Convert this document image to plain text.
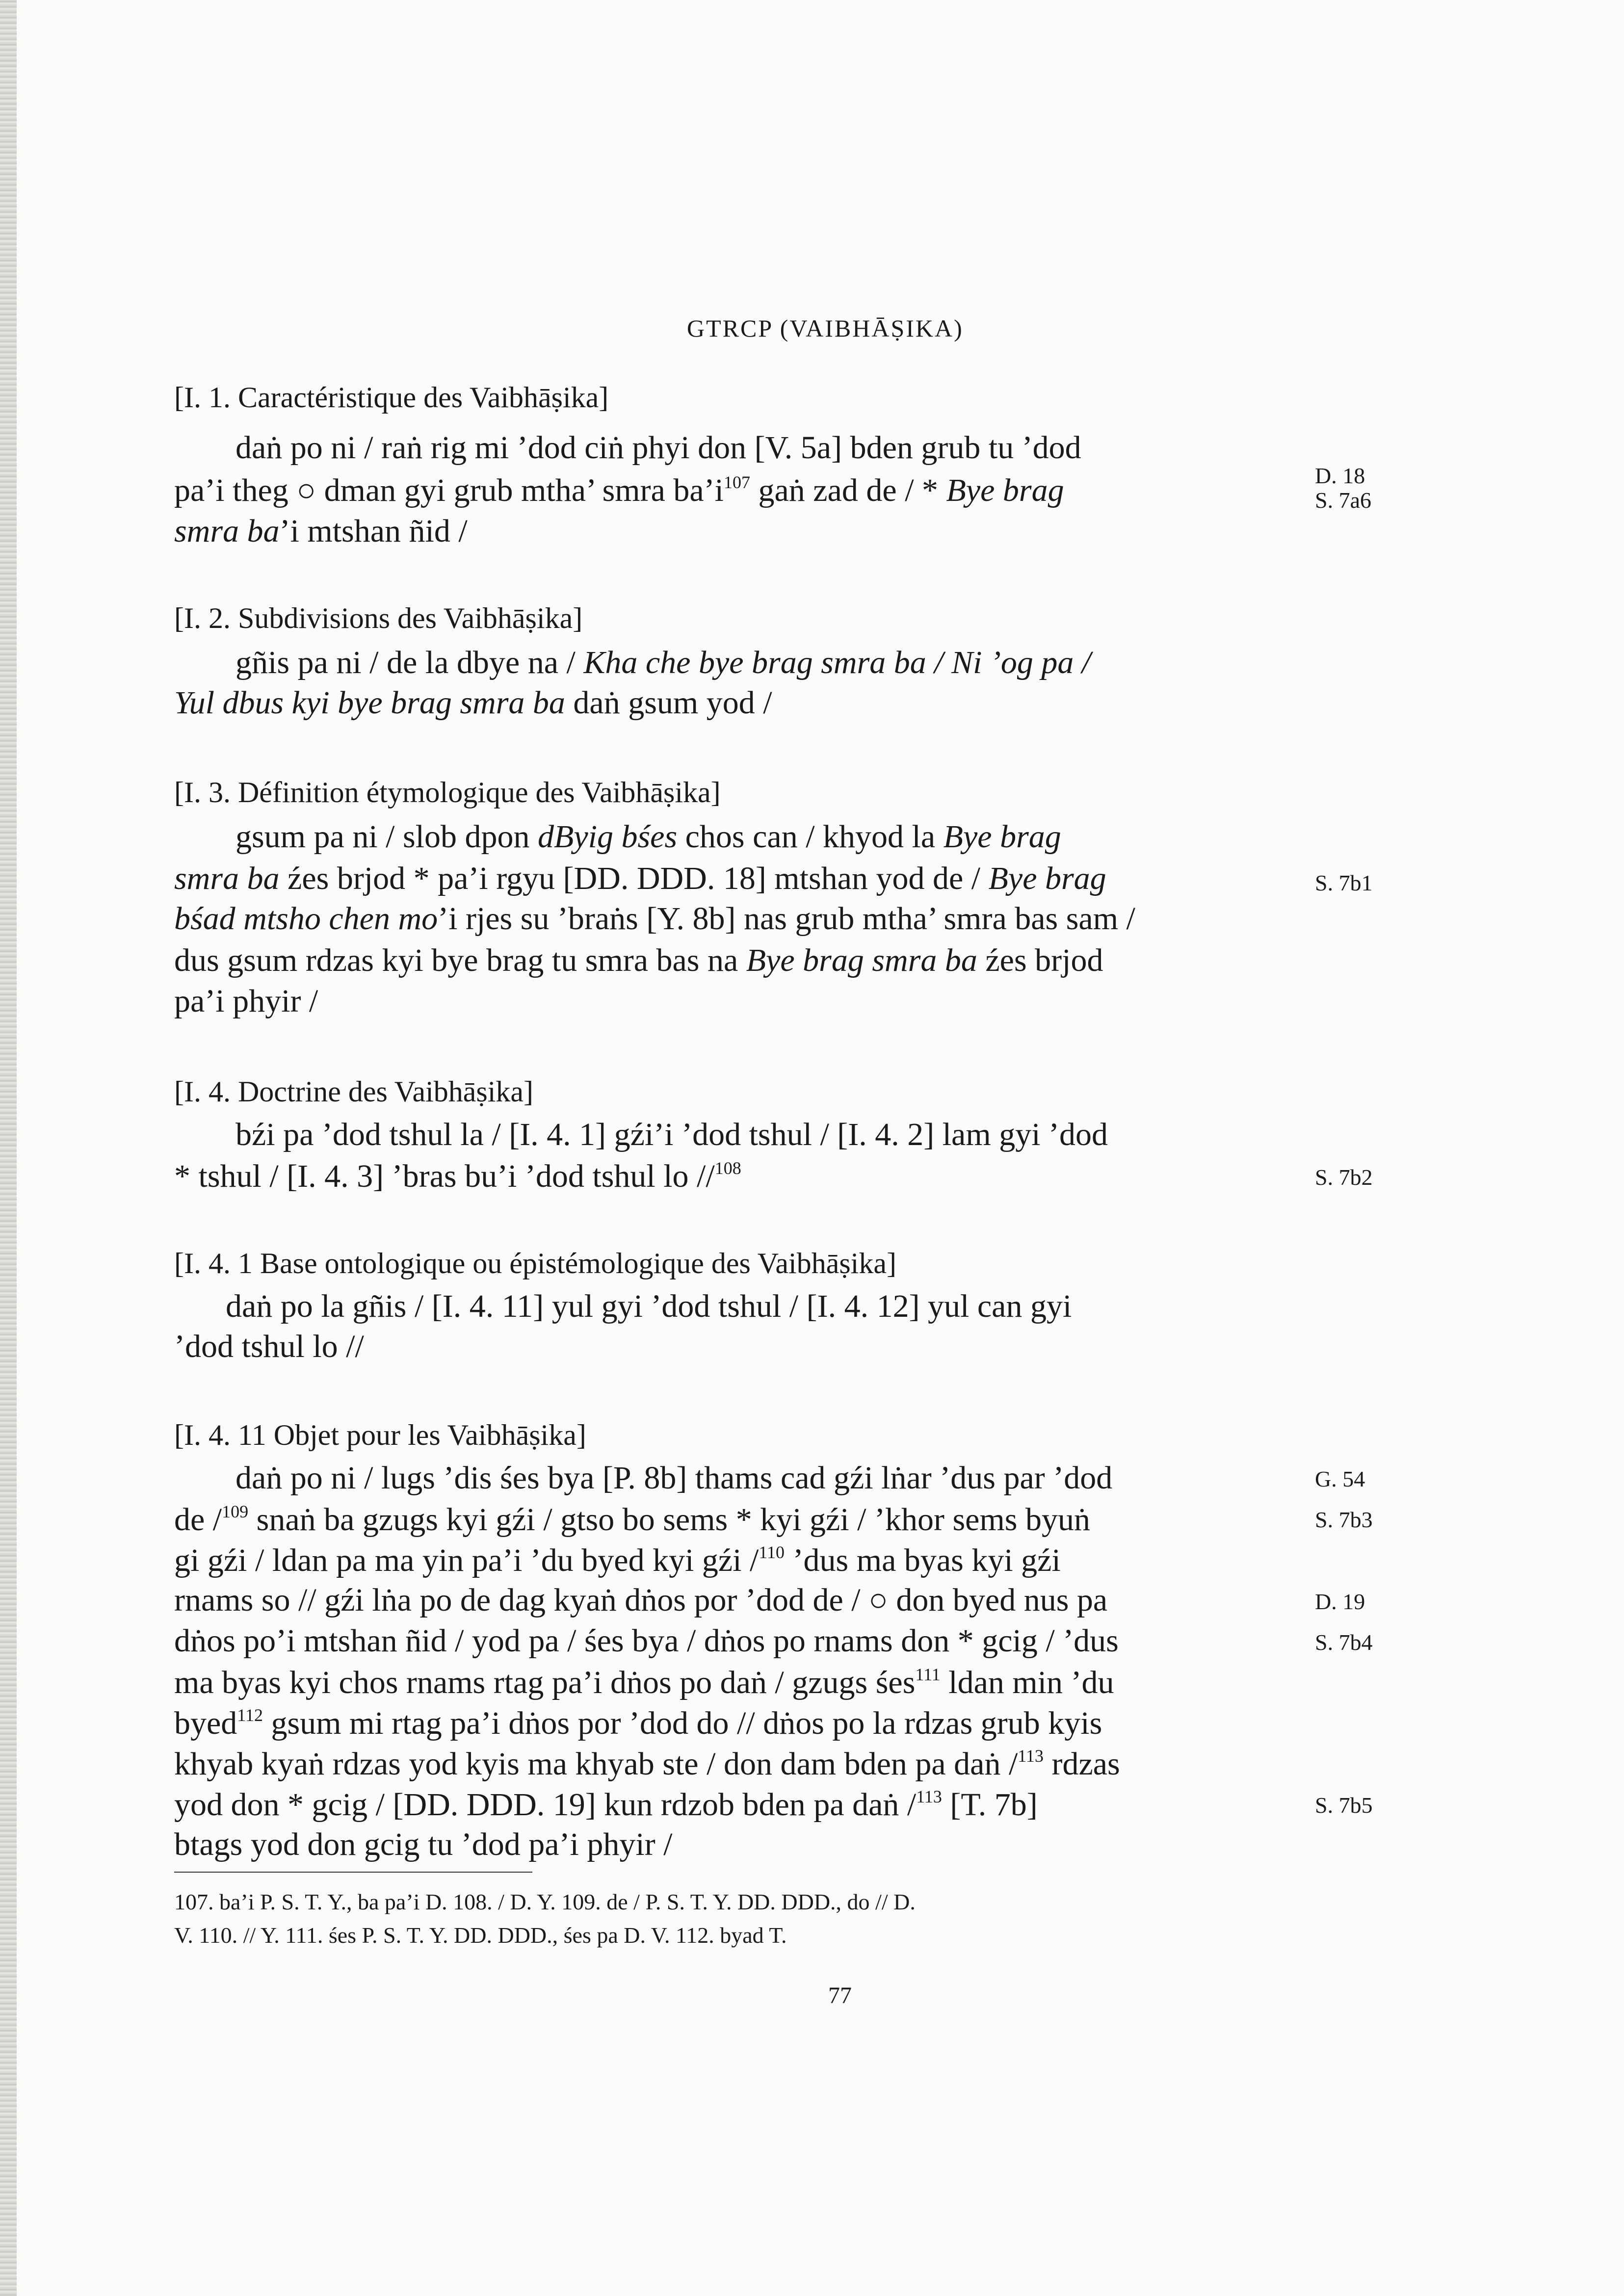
GTRCP (VAIBHĀṢIKA)
[I. 1. Caractéristique des Vaibhāṣika]
daṅ po ni / raṅ rig mi ’dod ciṅ phyi don [V. 5a] bden grub tu ’dod
pa’i theg ○ dman gyi grub mtha’ smra $ba’i^{107}$ gaṅ zad de / * Bye brag
smra ba’i mtshan ñid /
D. 18
S. 7a6
[I. 2. Subdivisions des Vaibhāṣika]
gñis pa ni / de la dbye na / Kha che bye brag smra ba / Ni ’og pa /
Yul dbus kyi bye brag smra ba daṅ gsum yod /
[I. 3. Définition étymologique des Vaibhāṣika]
gsum pa ni / slob dpon dByig bśes chos can / khyod la Bye brag
smra ba źes brjod * pa’i rgyu [DD. DDD. 18] mtshan yod de / Bye brag
bśad mtsho chen mo’i rjes su ’braṅs [Y. 8b] nas grub mtha’ smra bas sam /
dus gsum rdzas kyi bye brag tu smra bas na Bye brag smra ba źes brjod
pa’i phyir /
S. 7b1
[I. 4. Doctrine des Vaibhāṣika]
bźi pa ’dod tshul la / [I. 4. 1] gźi’i ’dod tshul / [I. 4. 2] lam gyi ’dod
* tshul / [I. 4. 3] ’bras bu’i ’dod tshul lo //$^{108}$	S. 7b2
[I. 4. 1 Base ontologique ou épistémologique des Vaibhāṣika]
daṅ po la gñis / [I. 4. 11] yul gyi ’dod tshul / [I. 4. 12] yul can gyi
’dod tshul lo //
[I. 4. 11 Objet pour les Vaibhāṣika]
daṅ po ni / lugs ’dis śes bya [P. 8b] thams cad gźi lṅar ’dus par ’dod
de /$^{109}$ snaṅ ba gzugs kyi gźi / gtso bo sems * kyi gźi / ’khor sems byuṅ
gi gźi / ldan pa ma yin pa’i ’du byed kyi gźi /$^{110}$ ’dus ma byas kyi gźi
rnams so // gźi lṅa po de dag kyaṅ dṅos por ’dod de / ○ don byed nus pa
dṅos po’i mtshan ñid / yod pa / śes bya / dṅos po rnams don * gcig / ’dus
ma byas kyi chos rnams rtag pa’i dṅos po daṅ / gzugs śes$^{111}$ ldan min ’du
byed$^{112}$ gsum mi rtag pa’i dṅos por ’dod do // dṅos po la rdzas grub kyis
khyab kyaṅ rdzas yod kyis ma khyab ste / don dam bden pa daṅ /$^{113}$ rdzas
yod don * gcig / [DD. DDD. 19] kun rdzob bden pa daṅ /$^{113}$ [T. 7b]
btags yod don gcig tu ’dod pa’i phyir /
G. 54
S. 7b3
D. 19
S. 7b4
S. 7b5
107. ba’i P. S. T. Y., ba pa’i D. 108. / D. Y. 109. de / P. S. T. Y. DD. DDD., do // D.
V. 110. // Y. 111. śes P. S. T. Y. DD. DDD., śes pa D. V. 112. byad T.
77
